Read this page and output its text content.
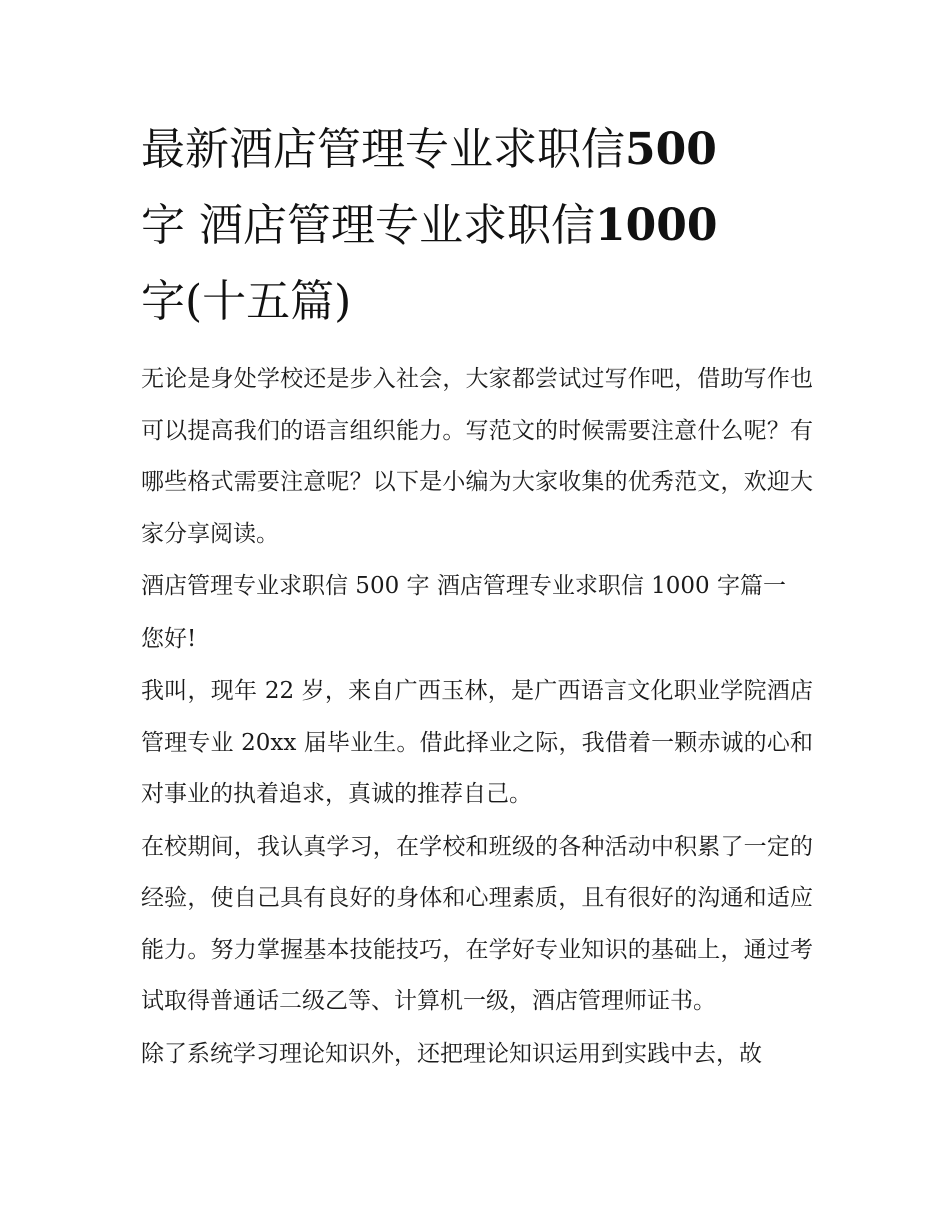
最新酒店管理专业求职信500
字 酒店管理专业求职信1000
字(十五篇)

无论是身处学校还是步入社会，大家都尝试过写作吧，借助写作也可以提高我们的语言组织能力。写范文的时候需要注意什么呢？有哪些格式需要注意呢？以下是小编为大家收集的优秀范文，欢迎大家分享阅读。

酒店管理专业求职信 500 字 酒店管理专业求职信 1000 字篇一

您好!

我叫，现年 22 岁，来自广西玉林，是广西语言文化职业学院酒店管理专业 20xx 届毕业生。借此择业之际，我借着一颗赤诚的心和对事业的执着追求，真诚的推荐自己。

在校期间，我认真学习，在学校和班级的各种活动中积累了一定的经验，使自己具有良好的身体和心理素质，且有很好的沟通和适应能力。努力掌握基本技能技巧，在学好专业知识的基础上，通过考试取得普通话二级乙等、计算机一级，酒店管理师证书。

除了系统学习理论知识外，还把理论知识运用到实践中去，故
